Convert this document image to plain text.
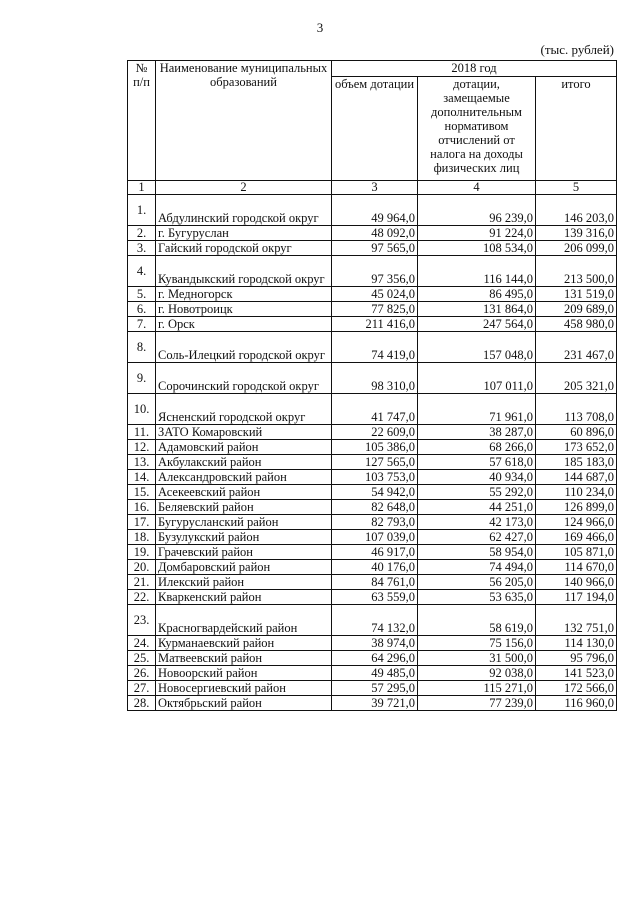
3
(тыс. рублей)
№ п/п	Наименование муниципальных образований	2018 год		
		объем дотации	дотации, замещаемые дополнительным нормативом отчислений от налога на доходы физических лиц	итого
1	2	3	4	5
1.	Абдулинский городской округ	49 964,0	96 239,0	146 203,0
2.	г. Бугуруслан	48 092,0	91 224,0	139 316,0
3.	Гайский городской округ	97 565,0	108 534,0	206 099,0
4.	Кувандыкский городской округ	97 356,0	116 144,0	213 500,0
5.	г. Медногорск	45 024,0	86 495,0	131 519,0
6.	г. Новотроицк	77 825,0	131 864,0	209 689,0
7.	г. Орск	211 416,0	247 564,0	458 980,0
8.	Соль-Илецкий городской округ	74 419,0	157 048,0	231 467,0
9.	Сорочинский городской округ	98 310,0	107 011,0	205 321,0
10.	Ясненский городской округ	41 747,0	71 961,0	113 708,0
11.	ЗАТО Комаровский	22 609,0	38 287,0	60 896,0
12.	Адамовский район	105 386,0	68 266,0	173 652,0
13.	Акбулакский район	127 565,0	57 618,0	185 183,0
14.	Александровский район	103 753,0	40 934,0	144 687,0
15.	Асекеевский район	54 942,0	55 292,0	110 234,0
16.	Беляевский район	82 648,0	44 251,0	126 899,0
17.	Бугурусланский район	82 793,0	42 173,0	124 966,0
18.	Бузулукский район	107 039,0	62 427,0	169 466,0
19.	Грачевский район	46 917,0	58 954,0	105 871,0
20.	Домбаровский район	40 176,0	74 494,0	114 670,0
21.	Илекский район	84 761,0	56 205,0	140 966,0
22.	Кваркенский район	63 559,0	53 635,0	117 194,0
23.	Красногвардейский район	74 132,0	58 619,0	132 751,0
24.	Курманаевский район	38 974,0	75 156,0	114 130,0
25.	Матвеевский район	64 296,0	31 500,0	95 796,0
26.	Новоорский район	49 485,0	92 038,0	141 523,0
27.	Новосергиевский район	57 295,0	115 271,0	172 566,0
28.	Октябрьский район	39 721,0	77 239,0	116 960,0
